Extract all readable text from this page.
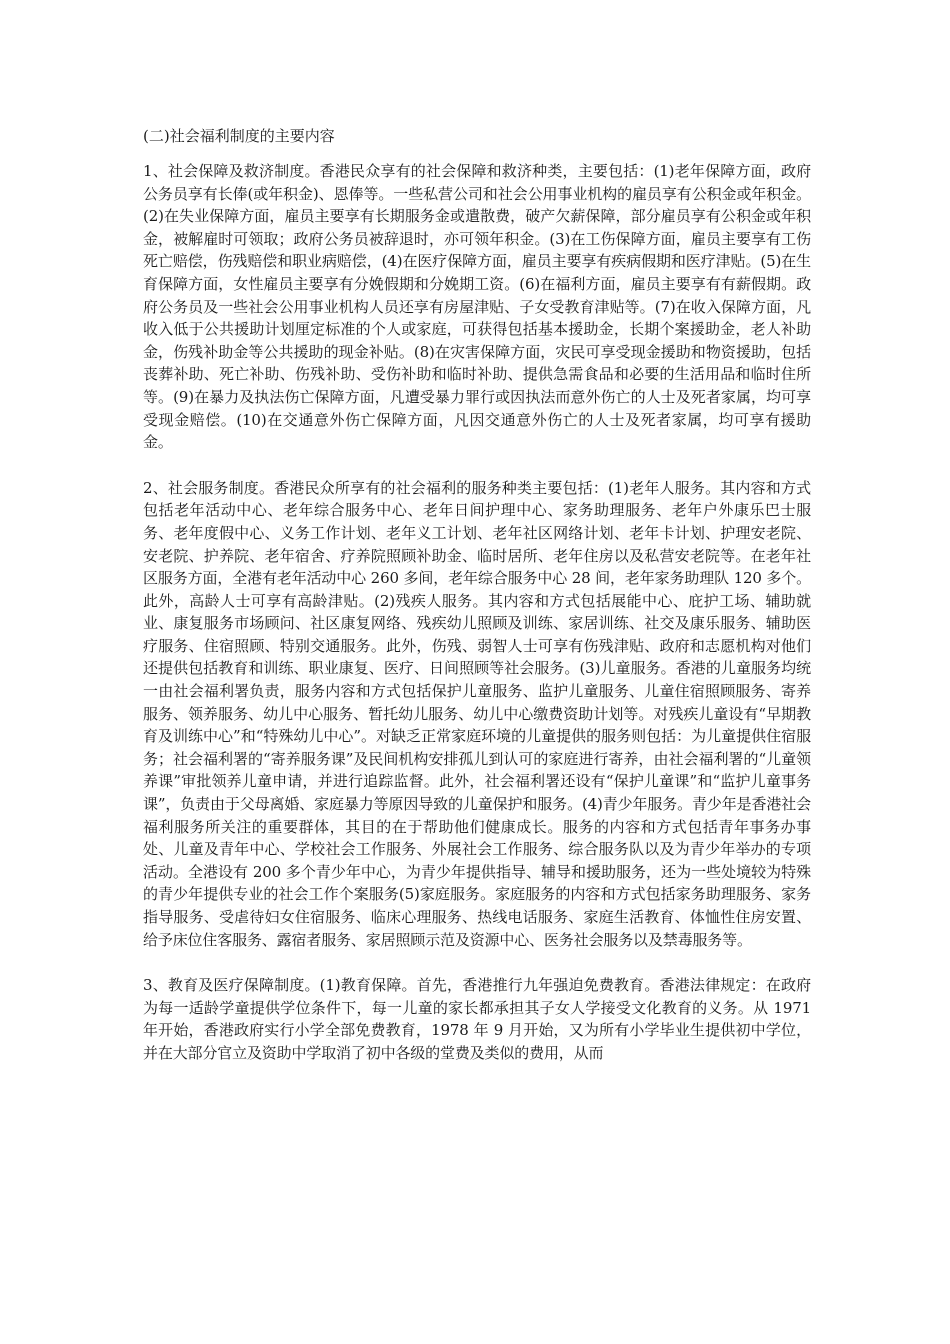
(二)社会福利制度的主要内容

1、社会保障及救济制度。香港民众享有的社会保障和救济种类，主要包括：(1)老年保障方面，政府公务员享有长俸(或年积金)、恩俸等。一些私营公司和社会公用事业机构的雇员享有公积金或年积金。(2)在失业保障方面，雇员主要享有长期服务金或遣散费，破产欠薪保障，部分雇员享有公积金或年积金，被解雇时可领取；政府公务员被辞退时，亦可领年积金。(3)在工伤保障方面，雇员主要享有工伤死亡赔偿，伤残赔偿和职业病赔偿，(4)在医疗保障方面，雇员主要享有疾病假期和医疗津贴。(5)在生育保障方面，女性雇员主要享有分娩假期和分娩期工资。(6)在福利方面，雇员主要享有有薪假期。政府公务员及一些社会公用事业机构人员还享有房屋津贴、子女受教育津贴等。(7)在收入保障方面，凡收入低于公共援助计划厘定标准的个人或家庭，可获得包括基本援助金，长期个案援助金，老人补助金，伤残补助金等公共援助的现金补贴。(8)在灾害保障方面，灾民可享受现金援助和物资援助，包括丧葬补助、死亡补助、伤残补助、受伤补助和临时补助、提供急需食品和必要的生活用品和临时住所等。(9)在暴力及执法伤亡保障方面，凡遭受暴力罪行或因执法而意外伤亡的人士及死者家属，均可享受现金赔偿。(10)在交通意外伤亡保障方面，凡因交通意外伤亡的人士及死者家属，均可享有援助金。

2、社会服务制度。香港民众所享有的社会福利的服务种类主要包括：(1)老年人服务。其内容和方式包括老年活动中心、老年综合服务中心、老年日间护理中心、家务助理服务、老年户外康乐巴士服务、老年度假中心、义务工作计划、老年义工计划、老年社区网络计划、老年卡计划、护理安老院、安老院、护养院、老年宿舍、疗养院照顾补助金、临时居所、老年住房以及私营安老院等。在老年社区服务方面，全港有老年活动中心 260 多间，老年综合服务中心 28 间，老年家务助理队 120 多个。此外，高龄人士可享有高龄津贴。(2)残疾人服务。其内容和方式包括展能中心、庇护工场、辅助就业、康复服务市场顾问、社区康复网络、残疾幼儿照顾及训练、家居训练、社交及康乐服务、辅助医疗服务、住宿照顾、特别交通服务。此外，伤残、弱智人士可享有伤残津贴、政府和志愿机构对他们还提供包括教育和训练、职业康复、医疗、日间照顾等社会服务。(3)儿童服务。香港的儿童服务均统一由社会福利署负责，服务内容和方式包括保护儿童服务、监护儿童服务、儿童住宿照顾服务、寄养服务、领养服务、幼儿中心服务、暂托幼儿服务、幼儿中心缴费资助计划等。对残疾儿童设有“早期教育及训练中心”和“特殊幼儿中心”。对缺乏正常家庭环境的儿童提供的服务则包括：为儿童提供住宿服务；社会福利署的“寄养服务课”及民间机构安排孤儿到认可的家庭进行寄养，由社会福利署的“儿童领养课”审批领养儿童申请，并进行追踪监督。此外，社会福利署还设有“保护儿童课”和“监护儿童事务课”，负责由于父母离婚、家庭暴力等原因导致的儿童保护和服务。(4)青少年服务。青少年是香港社会福利服务所关注的重要群体，其目的在于帮助他们健康成长。服务的内容和方式包括青年事务办事处、儿童及青年中心、学校社会工作服务、外展社会工作服务、综合服务队以及为青少年举办的专项活动。全港设有 200 多个青少年中心，为青少年提供指导、辅导和援助服务，还为一些处境较为特殊的青少年提供专业的社会工作个案服务(5)家庭服务。家庭服务的内容和方式包括家务助理服务、家务指导服务、受虐待妇女住宿服务、临床心理服务、热线电话服务、家庭生活教育、体恤性住房安置、给予床位住客服务、露宿者服务、家居照顾示范及资源中心、医务社会服务以及禁毒服务等。

3、教育及医疗保障制度。(1)教育保障。首先，香港推行九年强迫免费教育。香港法律规定：在政府为每一适龄学童提供学位条件下，每一儿童的家长都承担其子女人学接受文化教育的义务。从 1971 年开始，香港政府实行小学全部免费教育，1978 年 9 月开始，又为所有小学毕业生提供初中学位，并在大部分官立及资助中学取消了初中各级的堂费及类似的费用，从而
